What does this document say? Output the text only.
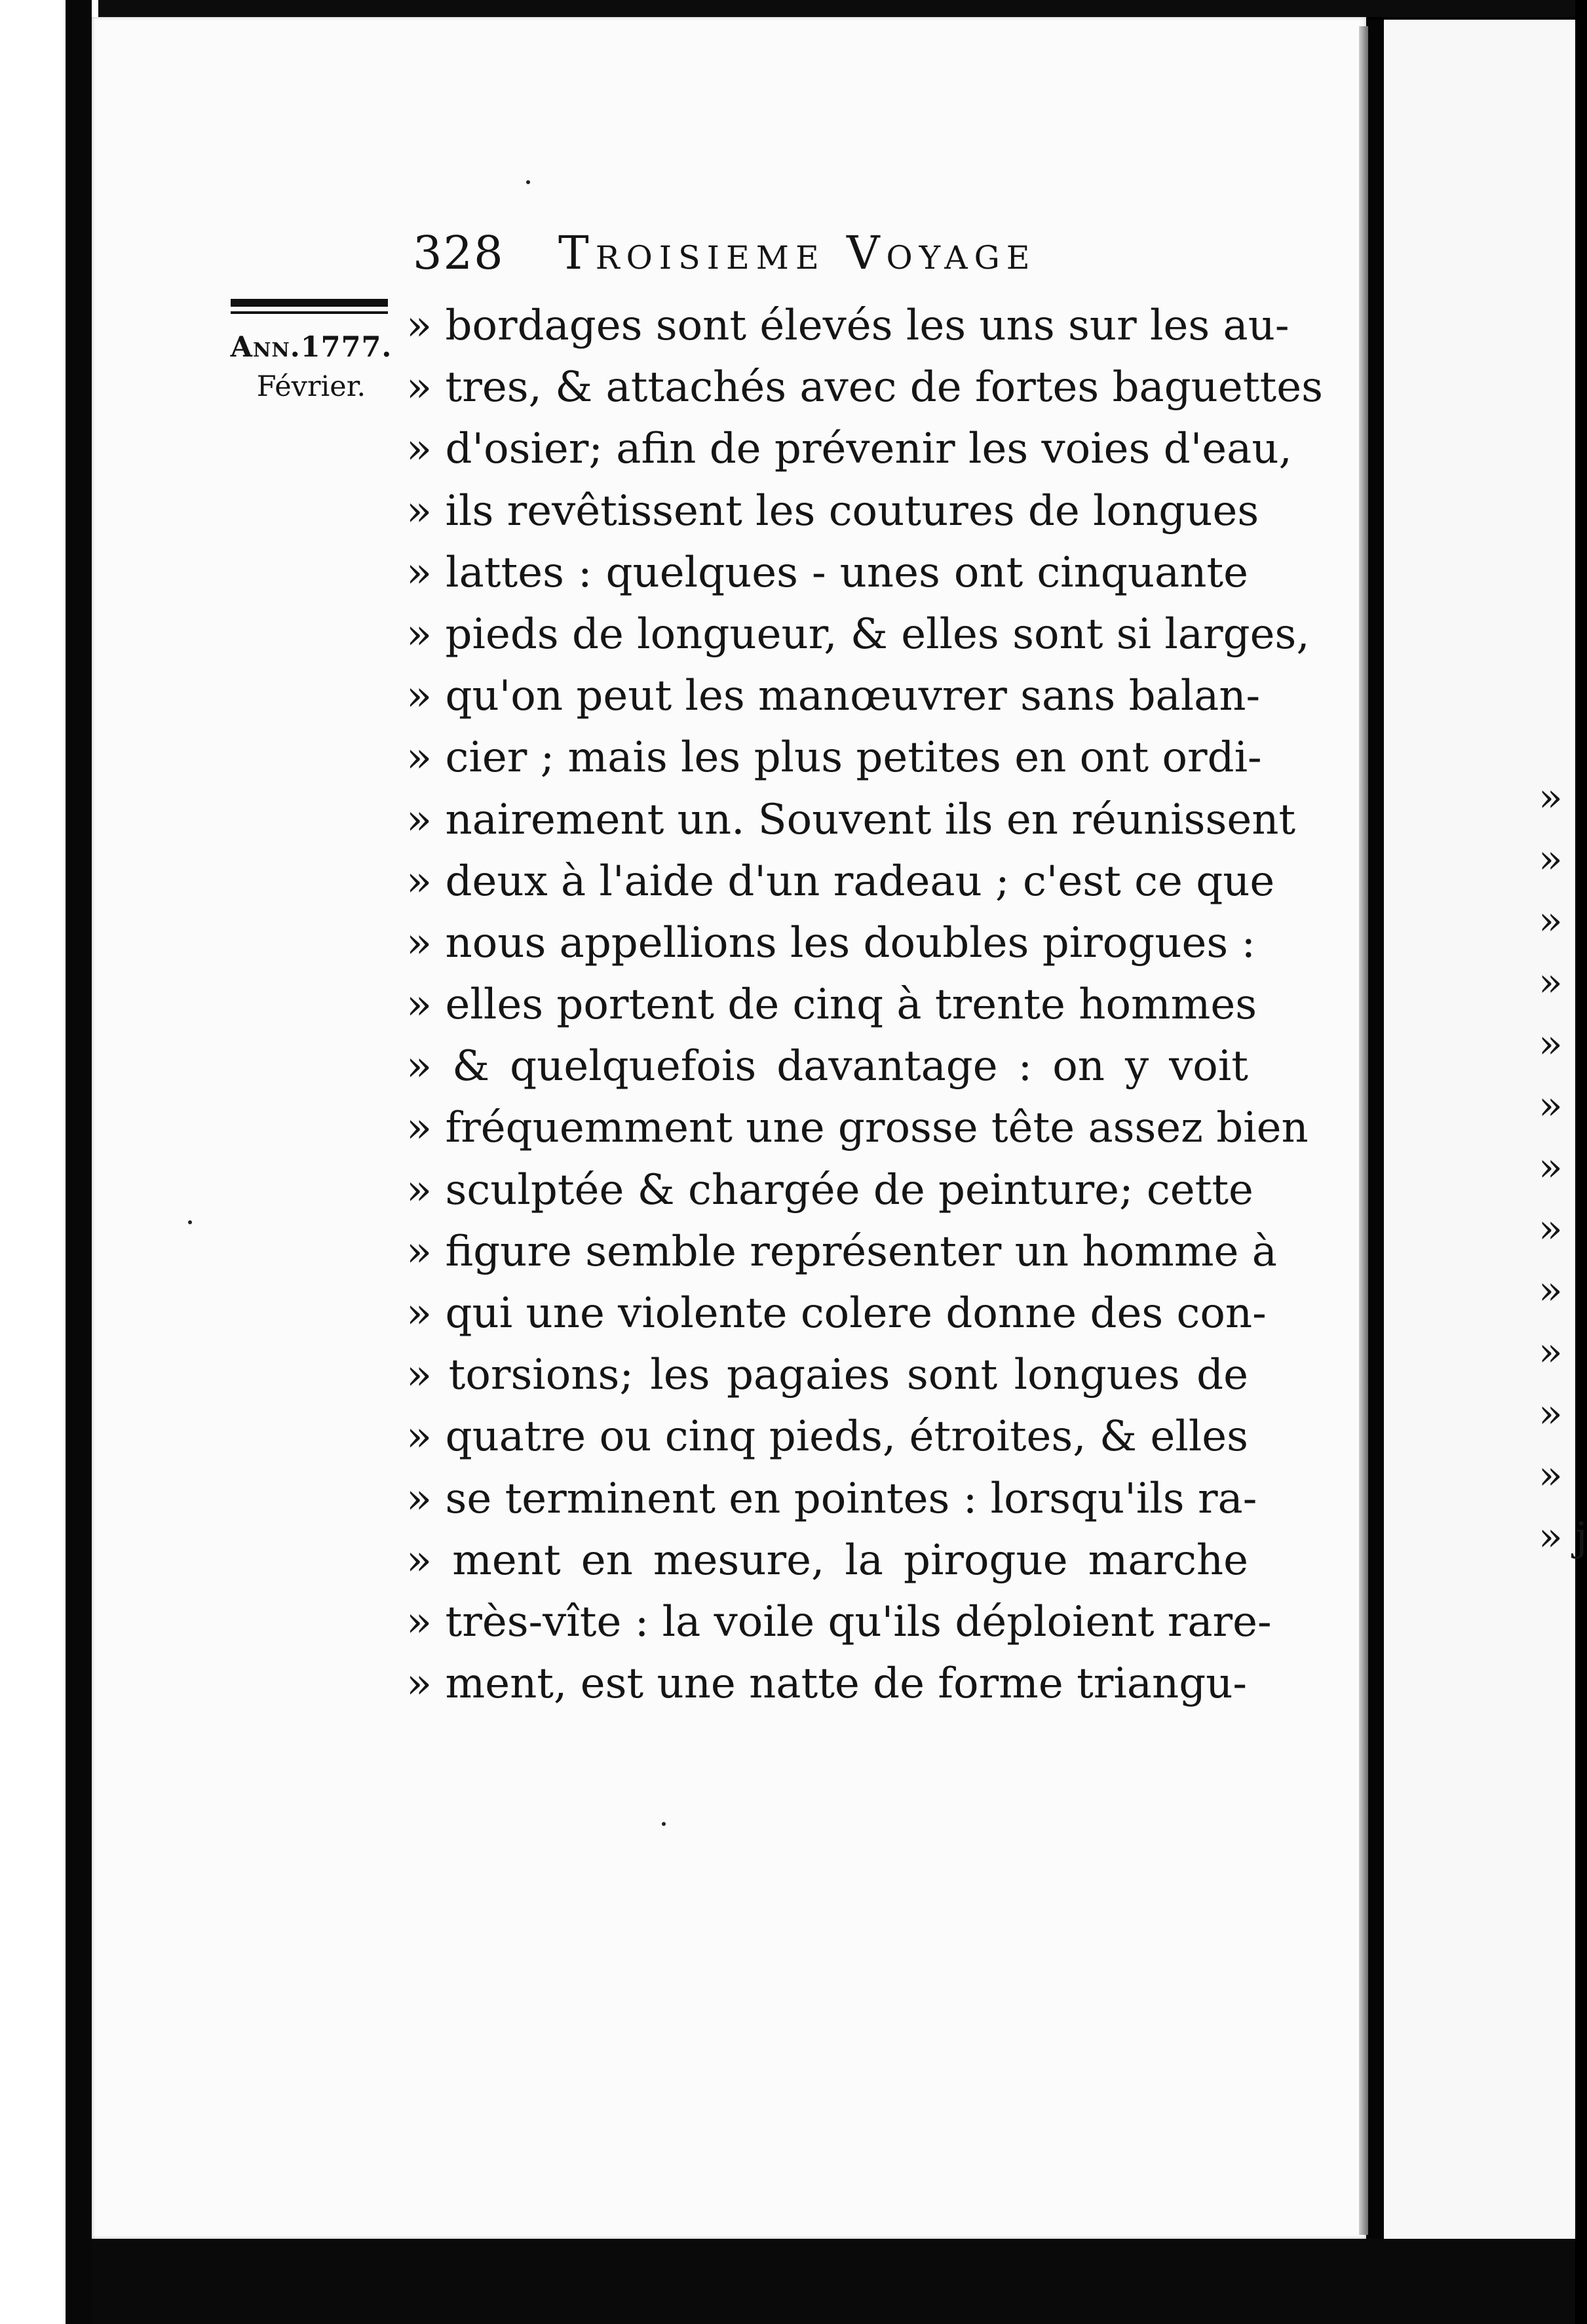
328 Troisieme Voyage
Ann.1777.
Février.
» bordages sont élevés les uns sur les au-
» tres, & attachés avec de fortes baguettes
» d'osier; afin de prévenir les voies d'eau,
» ils revêtissent les coutures de longues
» lattes : quelques - unes ont cinquante
» pieds de longueur, & elles sont si larges,
» qu'on peut les manœuvrer sans balan-
» cier ; mais les plus petites en ont ordi-
» nairement un. Souvent ils en réunissent
» deux à l'aide d'un radeau ; c'est ce que
» nous appellions les doubles pirogues :
» elles portent de cinq à trente hommes
» & quelquefois davantage : on y voit
» fréquemment une grosse tête assez bien
» sculptée & chargée de peinture; cette
» figure semble représenter un homme à
» qui une violente colere donne des con-
» torsions; les pagaies sont longues de
» quatre ou cinq pieds, étroites, & elles
» se terminent en pointes : lorsqu'ils ra-
» ment en mesure, la pirogue marche
» très-vîte : la voile qu'ils déploient rare-
» ment, est une natte de forme triangu-
»
»
»
»
»
»
»
»
»
»
»
»
» j
